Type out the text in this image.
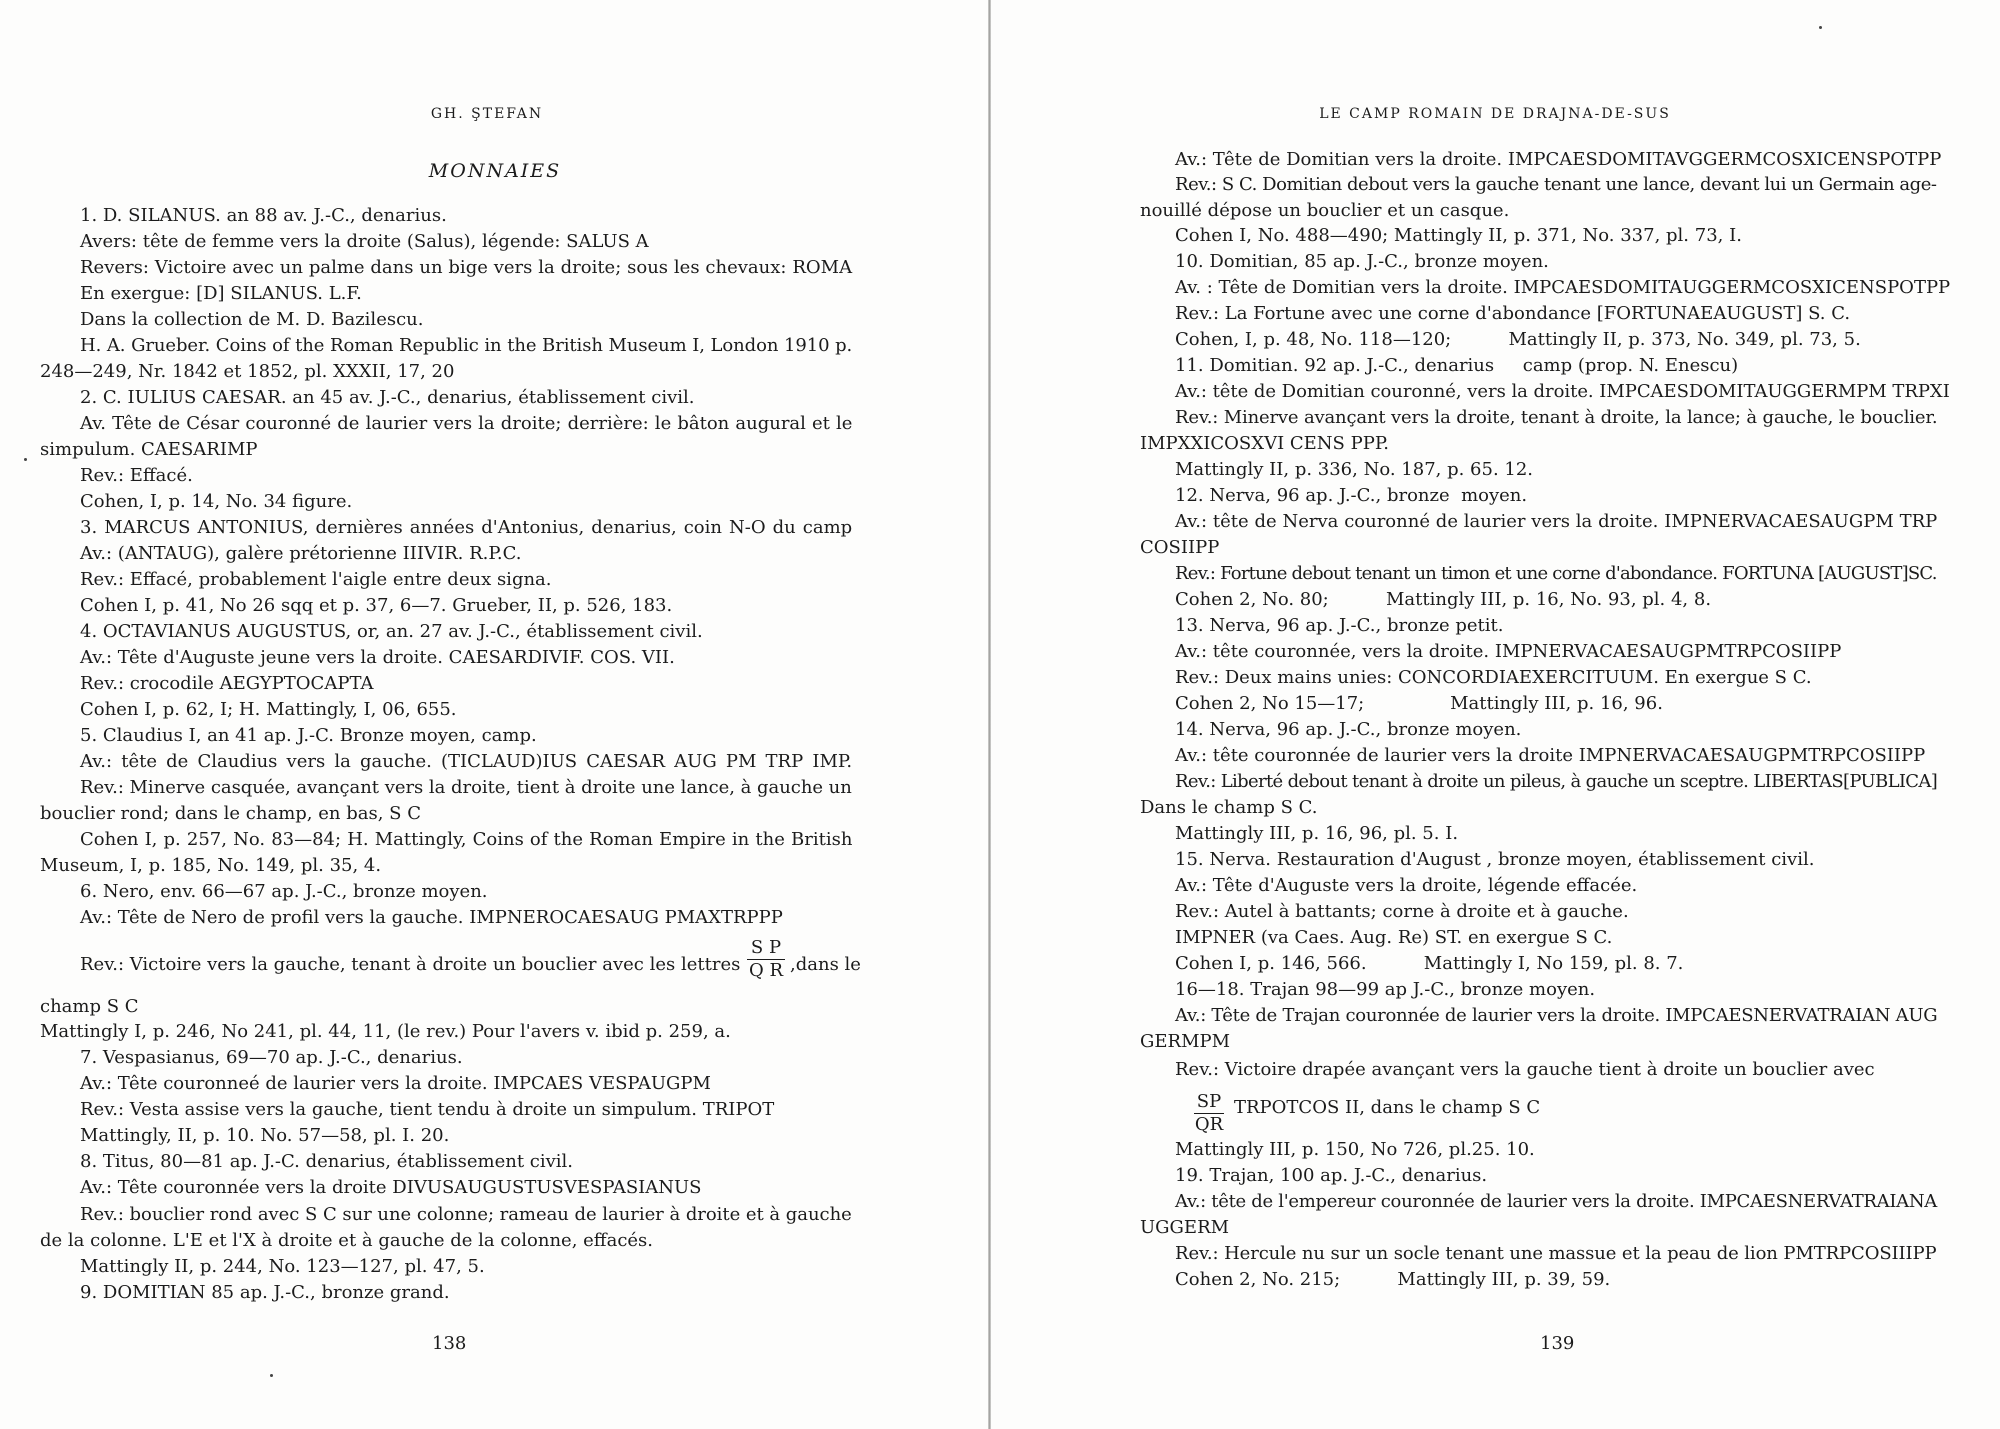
GH. ŞTEFAN
MONNAIES
1. D. SILANUS. an 88 av. J.-C., denarius.
Avers: tête de femme vers la droite (Salus), légende: SALUS A
Revers: Victoire avec un palme dans un bige vers la droite; sous les chevaux: ROMA
En exergue: [D] SILANUS. L.F.
Dans la collection de M. D. Bazilescu.
H. A. Grueber. Coins of the Roman Republic in the British Museum I, London 1910 p.
248—249, Nr. 1842 et 1852, pl. XXXII, 17, 20
2. C. IULIUS CAESAR. an 45 av. J.-C., denarius, établissement civil.
Av. Tête de César couronné de laurier vers la droite; derrière: le bâton augural et le
simpulum. CAESARIMP
Rev.: Effacé.
Cohen, I, p. 14, No. 34 figure.
3. MARCUS ANTONIUS, dernières années d'Antonius, denarius, coin N-O du camp
Av.: (ANTAUG), galère prétorienne IIIVIR. R.P.C.
Rev.: Effacé, probablement l'aigle entre deux signa.
Cohen I, p. 41, No 26 sqq et p. 37, 6—7. Grueber, II, p. 526, 183.
4. OCTAVIANUS AUGUSTUS, or, an. 27 av. J.-C., établissement civil.
Av.: Tête d'Auguste jeune vers la droite. CAESARDIVIF. COS. VII.
Rev.: crocodile AEGYPTOCAPTA
Cohen I, p. 62, I; H. Mattingly, I, 06, 655.
5. Claudius I, an 41 ap. J.-C. Bronze moyen, camp.
Av.: tête de Claudius vers la gauche. (TICLAUD)IUS CAESAR AUG PM TRP IMP.
Rev.: Minerve casquée, avançant vers la droite, tient à droite une lance, à gauche un
bouclier rond; dans le champ, en bas, S C
Cohen I, p. 257, No. 83—84; H. Mattingly, Coins of the Roman Empire in the British
Museum, I, p. 185, No. 149, pl. 35, 4.
6. Nero, env. 66—67 ap. J.-C., bronze moyen.
Av.: Tête de Nero de profil vers la gauche. IMPNEROCAESAUG PMAXTRPPP
Rev.: Victoire vers la gauche, tenant à droite un bouclier avec les lettres
champ S C
Mattingly I, p. 246, No 241, pl. 44, 11, (le rev.) Pour l'avers v. ibid p. 259, a.
7. Vespasianus, 69—70 ap. J.-C., denarius.
Av.: Tête couronneé de laurier vers la droite. IMPCAES VESPAUGPM
Rev.: Vesta assise vers la gauche, tient tendu à droite un simpulum. TRIPOT
Mattingly, II, p. 10. No. 57—58, pl. I. 20.
8. Titus, 80—81 ap. J.-C. denarius, établissement civil.
Av.: Tête couronnée vers la droite DIVUSAUGUSTUSVESPASIANUS
Rev.: bouclier rond avec S C sur une colonne; rameau de laurier à droite et à gauche
de la colonne. L'E et l'X à droite et à gauche de la colonne, effacés.
Mattingly II, p. 244, No. 123—127, pl. 47, 5.
9. DOMITIAN 85 ap. J.-C., bronze grand.
S P
Q R ,dans le
138
LE CAMP ROMAIN DE DRAJNA-DE-SUS
Av.: Tête de Domitian vers la droite. IMPCAESDOMITAVGGERMCOSXICENSPOTPP
Rev.: S C. Domitian debout vers la gauche tenant une lance, devant lui un Germain age-
nouillé dépose un bouclier et un casque.
Cohen I, No. 488—490; Mattingly II, p. 371, No. 337, pl. 73, I.
10. Domitian, 85 ap. J.-C., bronze moyen.
Av. : Tête de Domitian vers la droite. IMPCAESDOMITAUGGERMCOSXICENSPOTPP
Rev.: La Fortune avec une corne d'abondance [FORTUNAEAUGUST] S. C.
Cohen, I, p. 48, No. 118—120;          Mattingly II, p. 373, No. 349, pl. 73, 5.
11. Domitian. 92 ap. J.-C., denarius     camp (prop. N. Enescu)
Av.: tête de Domitian couronné, vers la droite. IMPCAESDOMITAUGGERMPM TRPXI
Rev.: Minerve avançant vers la droite, tenant à droite, la lance; à gauche, le bouclier.
IMPXXICOSXVI CENS PPP.
Mattingly II, p. 336, No. 187, p. 65. 12.
12. Nerva, 96 ap. J.-C., bronze  moyen.
Av.: tête de Nerva couronné de laurier vers la droite. IMPNERVACAESAUGPM TRP
COSIIPP
Rev.: Fortune debout tenant un timon et une corne d'abondance. FORTUNA [AUGUST]SC.
Cohen 2, No. 80;          Mattingly III, p. 16, No. 93, pl. 4, 8.
13. Nerva, 96 ap. J.-C., bronze petit.
Av.: tête couronnée, vers la droite. IMPNERVACAESAUGPMTRPCOSIIPP
Rev.: Deux mains unies: CONCORDIAEXERCITUUM. En exergue S C.
Cohen 2, No 15—17;               Mattingly III, p. 16, 96.
14. Nerva, 96 ap. J.-C., bronze moyen.
Av.: tête couronnée de laurier vers la droite IMPNERVACAESAUGPMTRPCOSIIPP
Rev.: Liberté debout tenant à droite un pileus, à gauche un sceptre. LIBERTAS[PUBLICA]
Dans le champ S C.
Mattingly III, p. 16, 96, pl. 5. I.
15. Nerva. Restauration d'August , bronze moyen, établissement civil.
Av.: Tête d'Auguste vers la droite, légende effacée.
Rev.: Autel à battants; corne à droite et à gauche.
IMPNER (va Caes. Aug. Re) ST. en exergue S C.
Cohen I, p. 146, 566.          Mattingly I, No 159, pl. 8. 7.
16—18. Trajan 98—99 ap J.-C., bronze moyen.
Av.: Tête de Trajan couronnée de laurier vers la droite. IMPCAESNERVATRAIAN AUG
GERMPM
Rev.: Victoire drapée avançant vers la gauche tient à droite un bouclier avec
TRPOTCOS II, dans le champ S C
Mattingly III, p. 150, No 726, pl.25. 10.
19. Trajan, 100 ap. J.-C., denarius.
Av.: tête de l'empereur couronnée de laurier vers la droite. IMPCAESNERVATRAIANA
UGGERM
Rev.: Hercule nu sur un socle tenant une massue et la peau de lion PMTRPCOSIIIPP
Cohen 2, No. 215;          Mattingly III, p. 39, 59.
SP
QR
139
